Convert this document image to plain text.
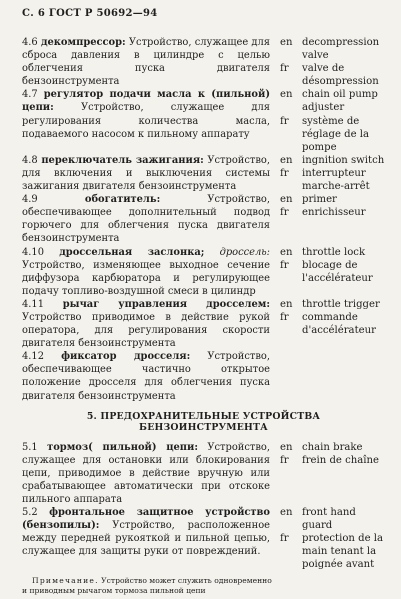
С. 6 ГОСТ Р 50692—94

4.6 декомпрессор: Устройство, служащее для сброса давления в цилиндре с целью облегчения пуска двигателя бензоинструмента

en decompression valve
fr	valve de désompression

4.7 регулятор подачи масла к (пильной) цепи: Устройство, служащее для регулирования количества масла, подаваемого насосом к пильному аппарату

en chain oil pump adjuster
fr	système de réglage de la pompe

4.8 переключатель зажигания: Устройство, для включения и выключения системы зажигания двигателя бензоинструмента

en ingnition switch
fr	interrupteur marche-arrêt

4.9	обогатитель: Устройство, обеспечивающее дополнительный подвод горючего для облегчения пуска двигателя бензоинструмента

en primer
fr	enrichisseur

4.10 дроссельная заслонка; дроссель: Устройство, изменяющее выходное сечение диффузора карбюратора и регулирующее подачу топливо-воздушной смеси в цилиндр

en throttle lock
fr	blocage de l'accélérateur

4.11 рычаг управления дросселем: Устройство приводимое в действие рукой оператора, для регулирования скорости двигателя бензоинструмента

en throttle trigger
fr	commande d'accélérateur

4.12 фиксатор дросселя: Устройство, обеспечивающее частично открытое положение дросселя для облегчения пуска двигателя бензоинструмента

5. ПРЕДОХРАНИТЕЛЬНЫЕ УСТРОЙСТВА БЕНЗОИНСТРУМЕНТА

5.1 тормоз( пильной) цепи: Устройство, служащее для остановки или блокирования цепи, приводимое в действие вручную или срабатывающее автоматически при отскоке пильного аппарата

en chain brake
fr	frein de chaîne

5.2 фронтальное защитное устройство (бензопилы): Устройство, расположенное между передней рукояткой и пильной цепью, служащее для защиты руки от повреждений.

en front hand guard
fr	protection de la main tenant la poignée avant
Примечание. Устройство может служить одновременно и приводным рычагом тормоза пильной цепи
